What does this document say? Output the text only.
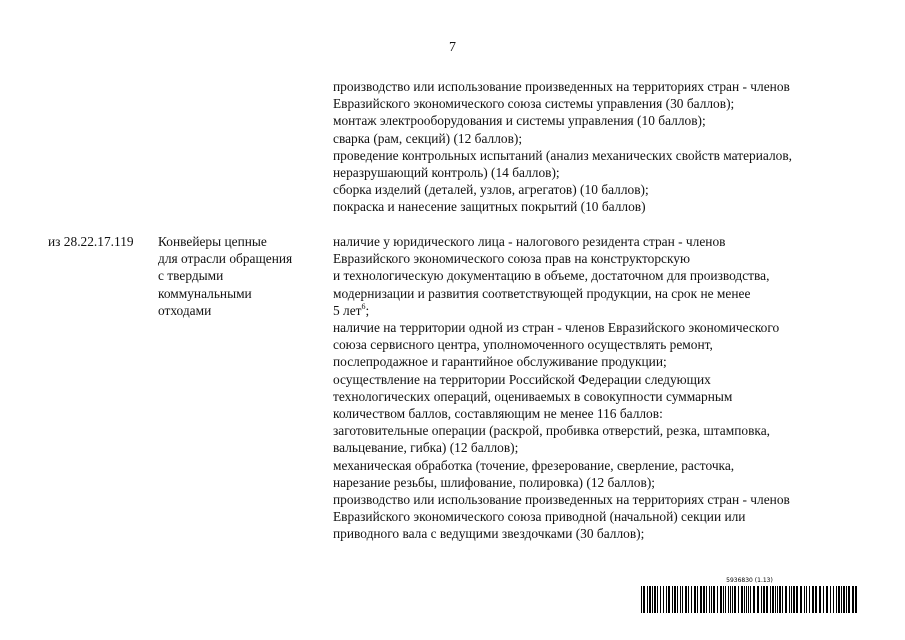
7
производство или использование произведенных на территориях стран - членов
Евразийского экономического союза системы управления (30 баллов);
монтаж электрооборудования и системы управления (10 баллов);
сварка (рам, секций) (12 баллов);
проведение контрольных испытаний (анализ механических свойств материалов,
неразрушающий контроль) (14 баллов);
сборка изделий (деталей, узлов, агрегатов) (10 баллов);
покраска и нанесение защитных покрытий (10 баллов)
из 28.22.17.119 Конвейеры цепные
для отрасли обращения
с твердыми
коммунальными
отходами
наличие у юридического лица - налогового резидента стран - членов
Евразийского экономического союза прав на конструкторскую
и технологическую документацию в объеме, достаточном для производства,
модернизации и развития соответствующей продукции, на срок не менее
5 лет$^6$;
наличие на территории одной из стран - членов Евразийского экономического
союза сервисного центра, уполномоченного осуществлять ремонт,
послепродажное и гарантийное обслуживание продукции;
осуществление на территории Российской Федерации следующих
технологических операций, оцениваемых в совокупности суммарным
количеством баллов, составляющим не менее 116 баллов:
заготовительные операции (раскрой, пробивка отверстий, резка, штамповка,
вальцевание, гибка) (12 баллов);
механическая обработка (точение, фрезерование, сверление, расточка,
нарезание резьбы, шлифование, полировка) (12 баллов);
производство или использование произведенных на территориях стран - членов
Евразийского экономического союза приводной (начальной) секции или
приводного вала с ведущими звездочками (30 баллов);
5936830 (1.13)
